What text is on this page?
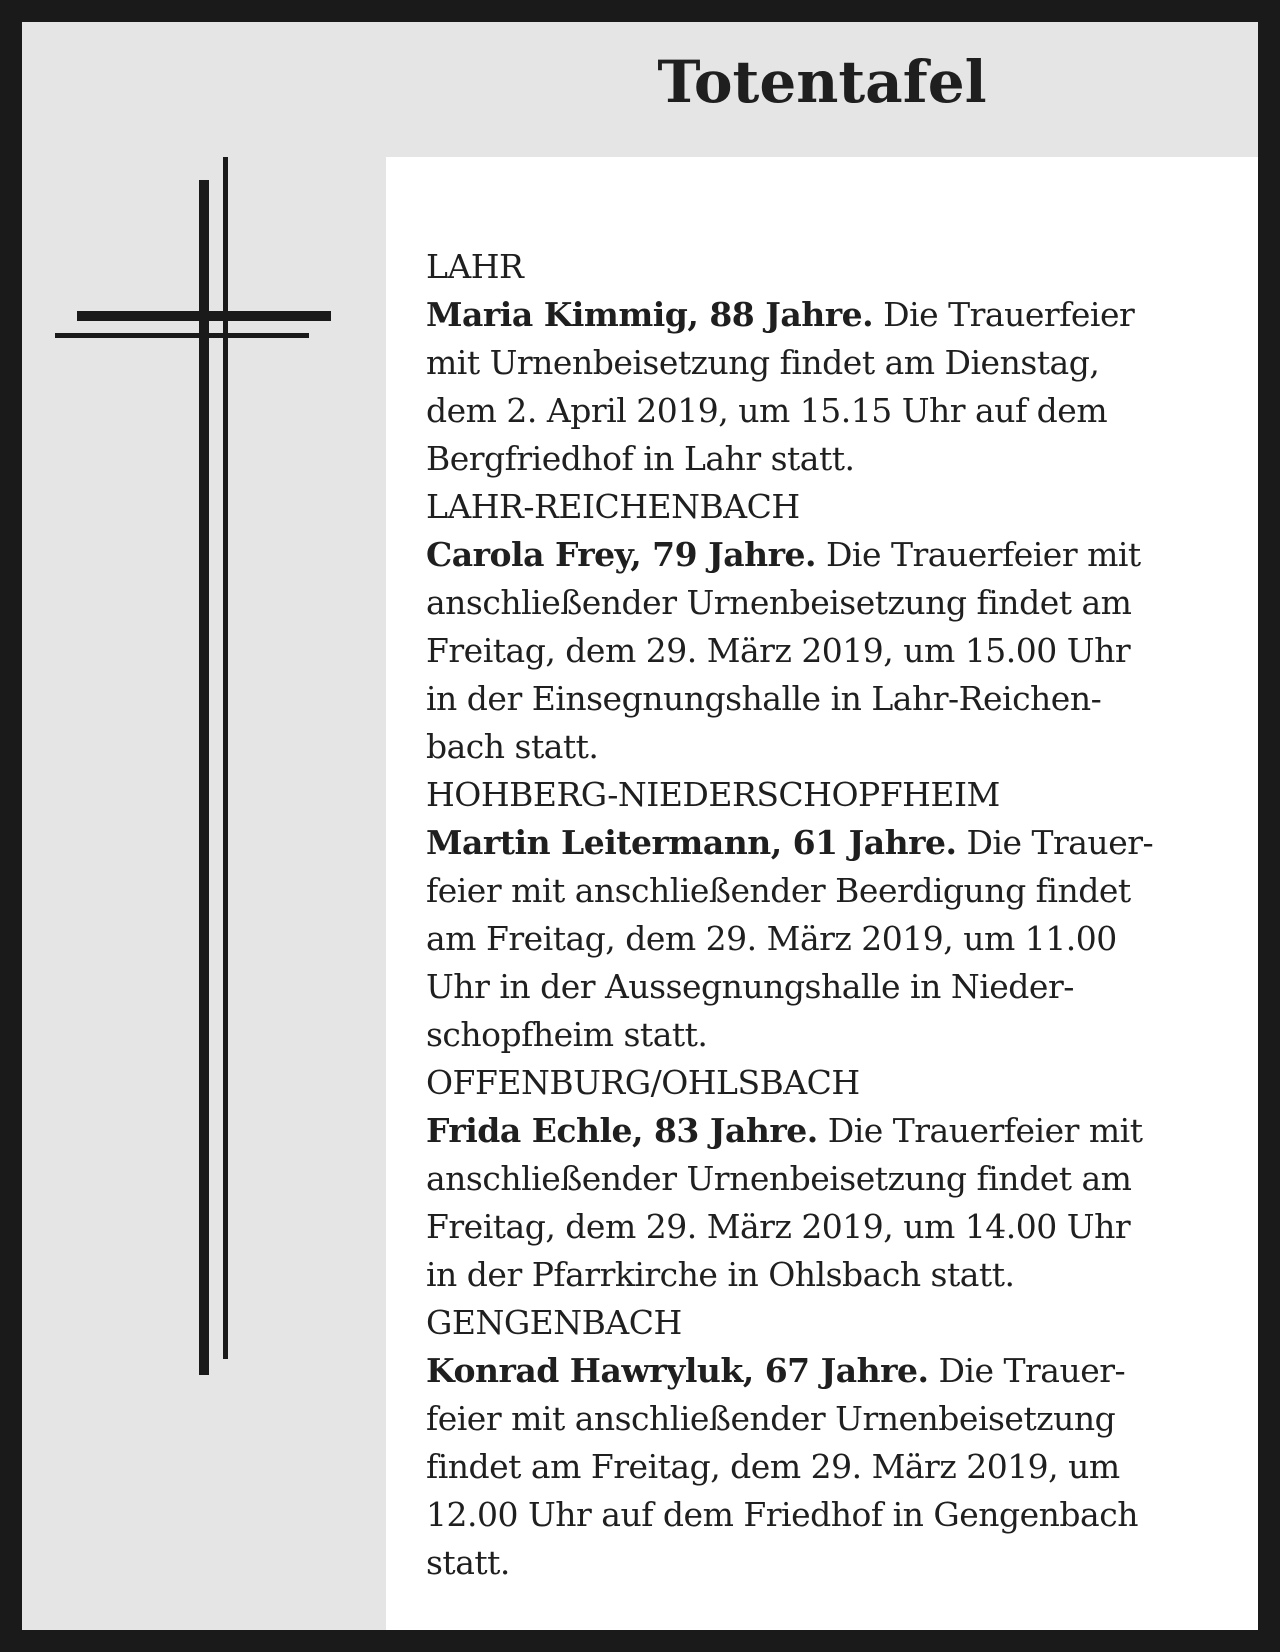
Totentafel
LAHR
Maria Kimmig, 88 Jahre. Die Trauerfeier
mit Urnenbeisetzung findet am Dienstag,
dem 2. April 2019, um 15.15 Uhr auf dem
Bergfriedhof in Lahr statt.
LAHR-REICHENBACH
Carola Frey, 79 Jahre. Die Trauerfeier mit
anschließender Urnenbeisetzung findet am
Freitag, dem 29. März 2019, um 15.00 Uhr
in der Einsegnungshalle in Lahr-Reichen-
bach statt.
HOHBERG-NIEDERSCHOPFHEIM
Martin Leitermann, 61 Jahre. Die Trauer-
feier mit anschließender Beerdigung findet
am Freitag, dem 29. März 2019, um 11.00
Uhr in der Aussegnungshalle in Nieder-
schopfheim statt.
OFFENBURG/OHLSBACH
Frida Echle, 83 Jahre. Die Trauerfeier mit
anschließender Urnenbeisetzung findet am
Freitag, dem 29. März 2019, um 14.00 Uhr
in der Pfarrkirche in Ohlsbach statt.
GENGENBACH
Konrad Hawryluk, 67 Jahre. Die Trauer-
feier mit anschließender Urnenbeisetzung
findet am Freitag, dem 29. März 2019, um
12.00 Uhr auf dem Friedhof in Gengenbach
statt.
